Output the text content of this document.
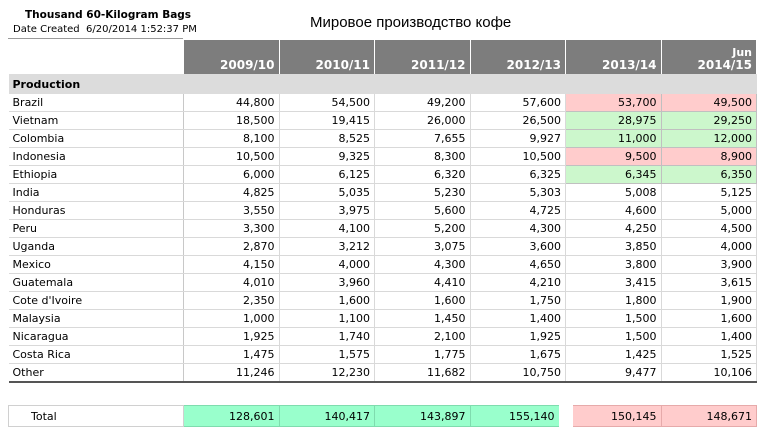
Thousand 60-Kilogram Bags
Date Created 6/20/2014 1:52:37 PM	Мировое производство кофе
	2009/10	2010/11	2011/12	2012/13	2013/14	Jun
2014/15
Production						
Brazil	44,800	54,500	49,200	57,600	53,700	49,500
Vietnam	18,500	19,415	26,000	26,500	28,975	29,250
Colombia	8,100	8,525	7,655	9,927	11,000	12,000
Indonesia	10,500	9,325	8,300	10,500	9,500	8,900
Ethiopia	6,000	6,125	6,320	6,325	6,345	6,350
India	4,825	5,035	5,230	5,303	5,008	5,125
Honduras	3,550	3,975	5,600	4,725	4,600	5,000
Peru	3,300	4,100	5,200	4,300	4,250	4,500
Uganda	2,870	3,212	3,075	3,600	3,850	4,000
Mexico	4,150	4,000	4,300	4,650	3,800	3,900
Guatemala	4,010	3,960	4,410	4,210	3,415	3,615
Cote d'Ivoire	2,350	1,600	1,600	1,750	1,800	1,900
Malaysia	1,000	1,100	1,450	1,400	1,500	1,600
Nicaragua	1,925	1,740	2,100	1,925	1,500	1,400
Costa Rica	1,475	1,575	1,775	1,675	1,425	1,525
Other	11,246	12,230	11,682	10,750	9,477	10,106

Total	128,601	140,417	143,897	155,140	150,145	148,671
